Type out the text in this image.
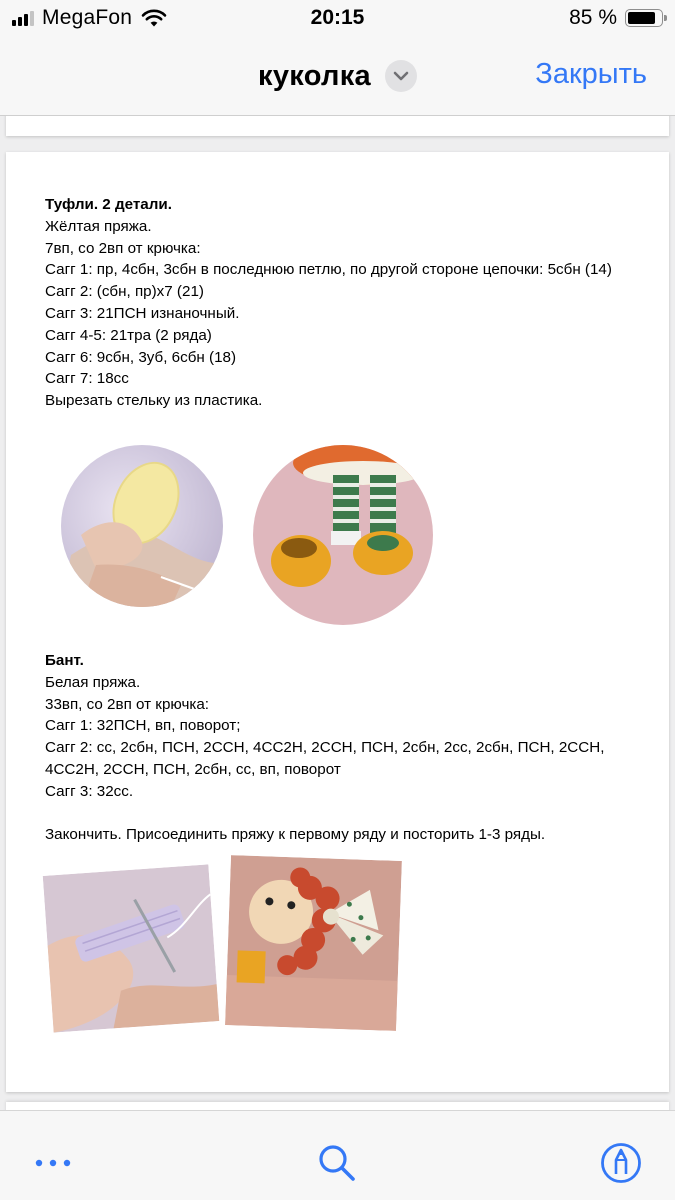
MegaFon	20:15	85 %
куколка	Закрыть

Туфли. 2 детали.

Жёлтая пряжа.

7вп, со 2вп от крючка:

Сагг 1: пр, 4сбн, 3сбн в последнюю петлю, по другой стороне цепочки: 5сбн (14)

Сагг 2: (сбн, пр)х7 (21)

Сагг 3: 21ПСН изнаночный.

Сагг 4-5: 21тра (2 ряда)

Сагг 6: 9сбн, 3уб, 6сбн (18)

Сагг 7: 18сс

Вырезать стельку из пластика.

Бант.

Белая пряжа.

33вп, со 2вп от крючка:

Сагг 1: 32ПСН, вп, поворот;

Сагг 2: сс, 2сбн, ПСН, 2ССН, 4СС2Н, 2ССН, ПСН, 2сбн, 2сс, 2сбн, ПСН, 2ССН, 4СС2Н, 2ССН, ПСН, 2сбн, сс, вп, поворот

Сагг 3: 32сс.

Закончить. Присоединить пряжу к первому ряду и посторить 1-3 ряды.
